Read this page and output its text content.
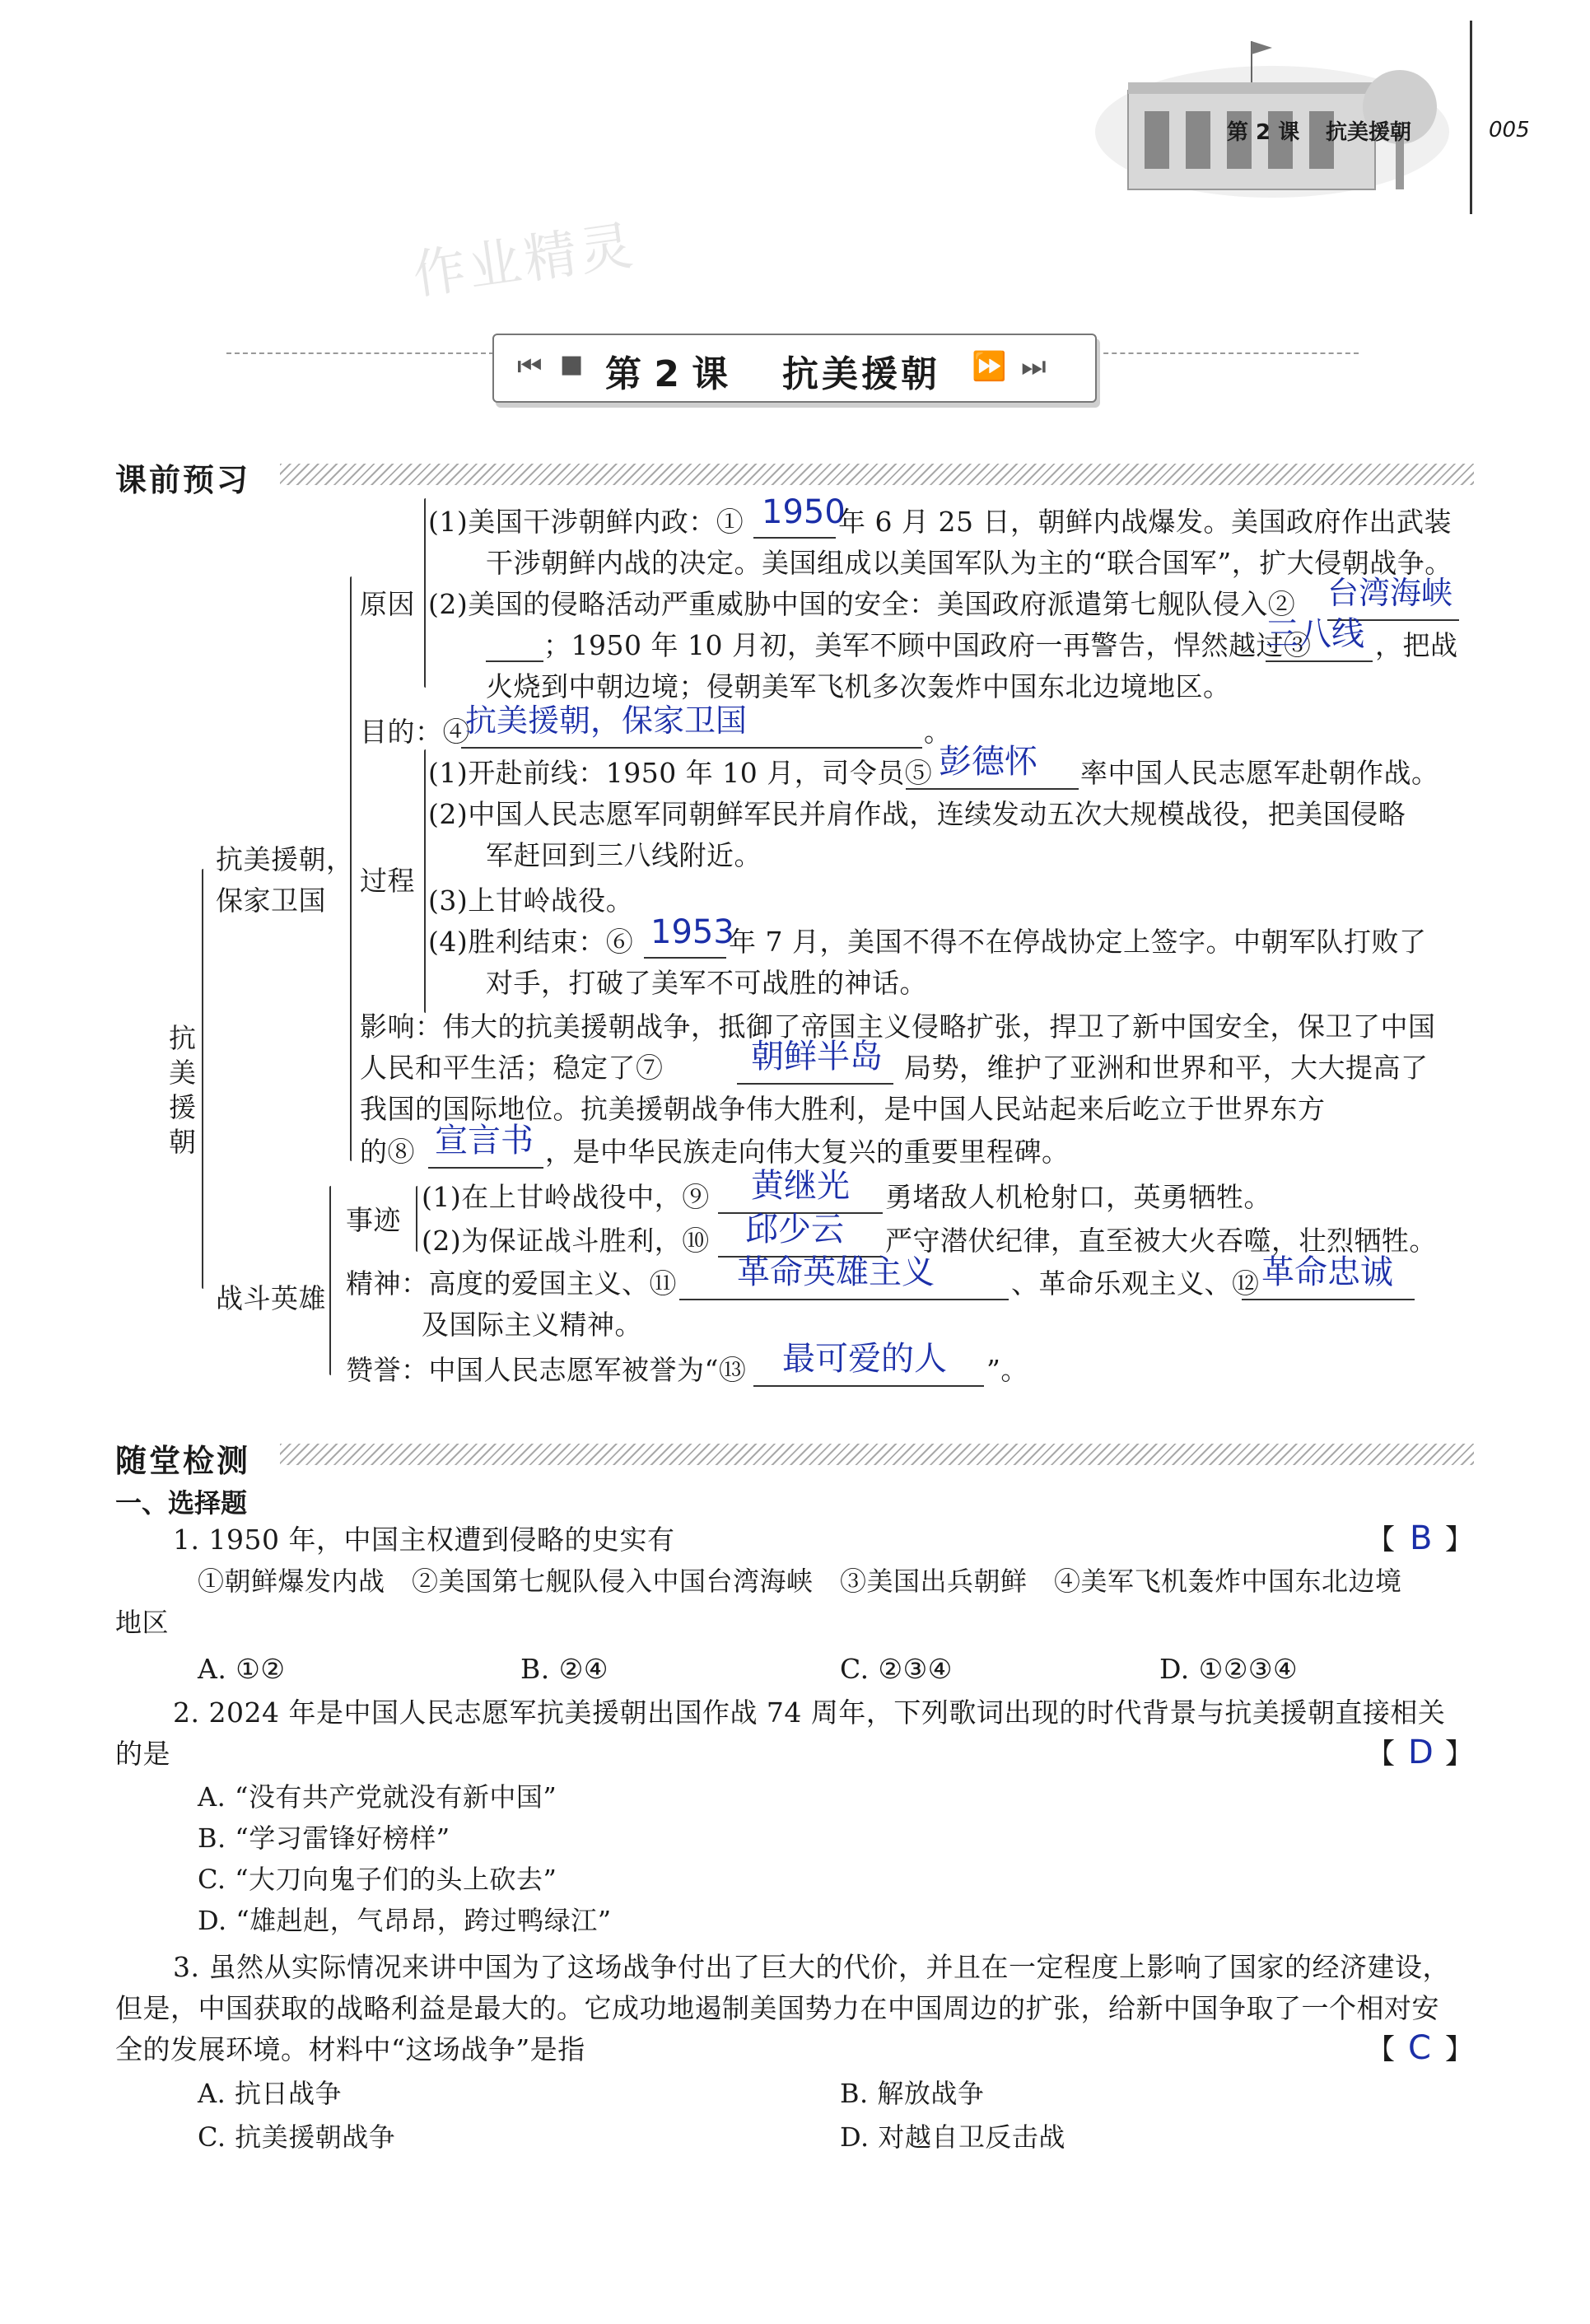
第 2 课 抗美援朝	005
作业精灵
⏮ ■ 第 2 课 抗美援朝 ⏩ ⏭
课前预习
抗美援朝
抗美援朝，
保家卫国
战斗英雄
原因
过程
事迹
(1)美国干涉朝鲜内政：① 1950
年 6 月 25 日，朝鲜内战爆发。美国政府作出武装
干涉朝鲜内战的决定。美国组成以美国军队为主的“联合国军”，扩大侵朝战争。
(2)美国的侵略活动严重威胁中国的安全：美国政府派遣第七舰队侵入② 台湾海峡
；1950 年 10 月初，美军不顾中国政府一再警告，悍然越过③
三八线 ，把战
火烧到中朝边境；侵朝美军飞机多次轰炸中国东北边境地区。
目的：④
抗美援朝，保家卫国	。
(1)开赴前线：1950 年 10 月，司令员⑤ 彭德怀 率中国人民志愿军赴朝作战。
(2)中国人民志愿军同朝鲜军民并肩作战，连续发动五次大规模战役，把美国侵略
军赶回到三八线附近。
(3)上甘岭战役。
(4)胜利结束：⑥ 1953
年 7 月，美国不得不在停战协定上签字。中朝军队打败了
对手，打破了美军不可战胜的神话。
影响：伟大的抗美援朝战争，抵御了帝国主义侵略扩张，捍卫了新中国安全，保卫了中国
人民和平生活；稳定了⑦	朝鲜半岛 局势，维护了亚洲和世界和平，大大提高了
我国的国际地位。抗美援朝战争伟大胜利，是中国人民站起来后屹立于世界东方
的⑧ 宣言书 ，是中华民族走向伟大复兴的重要里程碑。
(1)在上甘岭战役中，⑨ 黄继光 勇堵敌人机枪射口，英勇牺牲。
(2)为保证战斗胜利，⑩ 邱少云 严守潜伏纪律，直至被大火吞噬，壮烈牺牲。
精神：高度的爱国主义、⑪ 革命英雄主义	、革命乐观主义、⑫ 革命忠诚
及国际主义精神。
赞誉：中国人民志愿军被誉为“⑬ 最可爱的人 ”。
随堂检测
一、选择题
1. 1950 年，中国主权遭到侵略的史实有	【 B 】
①朝鲜爆发内战　②美国第七舰队侵入中国台湾海峡　③美国出兵朝鲜　④美军飞机轰炸中国东北边境
地区
A. ①②	B. ②④	C. ②③④	D. ①②③④
2. 2024 年是中国人民志愿军抗美援朝出国作战 74 周年，下列歌词出现的时代背景与抗美援朝直接相关
的是	【 D 】
A. “没有共产党就没有新中国”
B. “学习雷锋好榜样”
C. “大刀向鬼子们的头上砍去”
D. “雄赳赳，气昂昂，跨过鸭绿江”
3. 虽然从实际情况来讲中国为了这场战争付出了巨大的代价，并且在一定程度上影响了国家的经济建设，
但是，中国获取的战略利益是最大的。它成功地遏制美国势力在中国周边的扩张，给新中国争取了一个相对安
全的发展环境。材料中“这场战争”是指	【 C 】
A. 抗日战争	B. 解放战争
C. 抗美援朝战争	D. 对越自卫反击战
